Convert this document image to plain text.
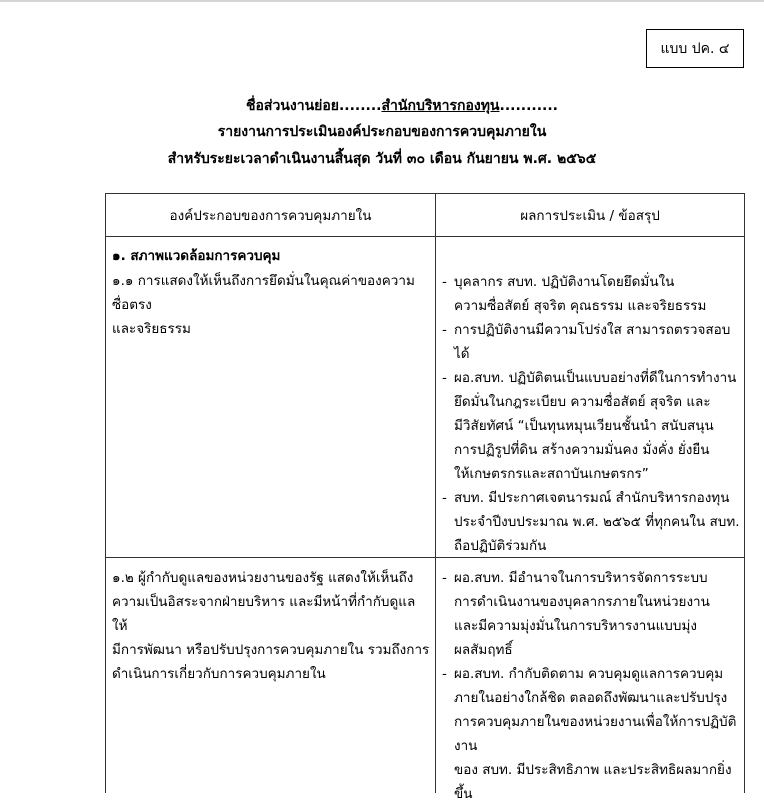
แบบ ปค. ๔
ชื่อส่วนงานย่อย........สำนักบริหารกองทุน...........
รายงานการประเมินองค์ประกอบของการควบคุมภายใน
สำหรับระยะเวลาดำเนินงานสิ้นสุด วันที่ ๓๐ เดือน กันยายน พ.ศ. ๒๕๖๕
องค์ประกอบของการควบคุมภายใน	ผลการประเมิน / ข้อสรุป
๑. สภาพแวดล้อมการควบคุม
๑.๑ การแสดงให้เห็นถึงการยึดมั่นในคุณค่าของความซื่อตรง
และจริยธรรม
- บุคลากร สบท. ปฏิบัติงานโดยยึดมั่นใน
ความซื่อสัตย์ สุจริต คุณธรรม และจริยธรรม
- การปฏิบัติงานมีความโปร่งใส สามารถตรวจสอบได้
- ผอ.สบท. ปฏิบัติตนเป็นแบบอย่างที่ดีในการทำงาน
ยึดมั่นในกฎระเบียบ ความซื่อสัตย์ สุจริต และ
มีวิสัยทัศน์ “เป็นทุนหมุนเวียนชั้นนำ สนับสนุน
การปฏิรูปที่ดิน สร้างความมั่นคง มั่งคั่ง ยั่งยืน
ให้เกษตรกรและสถาบันเกษตรกร”
- สบท. มีประกาศเจตนารมณ์ สำนักบริหารกองทุน
ประจำปีงบประมาณ พ.ศ. ๒๕๖๕ ที่ทุกคนใน สบท.
ถือปฏิบัติร่วมกัน
๑.๒ ผู้กำกับดูแลของหน่วยงานของรัฐ แสดงให้เห็นถึง
ความเป็นอิสระจากฝ่ายบริหาร และมีหน้าที่กำกับดูแลให้
มีการพัฒนา หรือปรับปรุงการควบคุมภายใน รวมถึงการ
ดำเนินการเกี่ยวกับการควบคุมภายใน
- ผอ.สบท. มีอำนาจในการบริหารจัดการระบบ
การดำเนินงานของบุคลากรภายในหน่วยงาน
และมีความมุ่งมั่นในการบริหารงานแบบมุ่ง
ผลสัมฤทธิ์
- ผอ.สบท. กำกับติดตาม ควบคุมดูแลการควบคุม
ภายในอย่างใกล้ชิด ตลอดถึงพัฒนาและปรับปรุง
การควบคุมภายในของหน่วยงานเพื่อให้การปฏิบัติงาน
ของ สบท. มีประสิทธิภาพ และประสิทธิผลมากยิ่งขึ้น
